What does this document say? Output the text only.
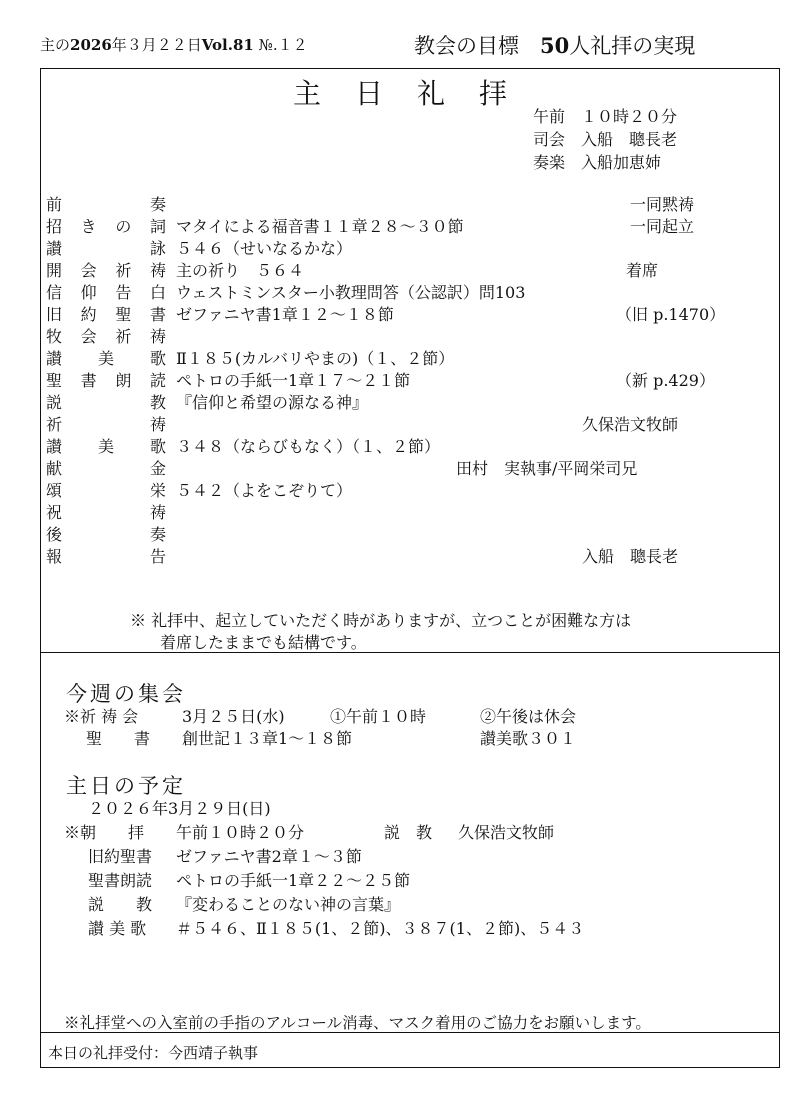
主の2026年３月２２日Vol.81 №.１２	教会の目標　50人礼拝の実現
主日礼拝
午前　１０時２０分
司会　入船　聰長老
奏楽　入船加恵姉
前　奏	一同黙祷
招きの詞 マタイによる福音書１１章２８～３０節	一同起立
讃　詠 ５４６（せいなるかな）
開会祈祷 主の祈り　５６４	着席
信仰告白 ウェストミンスター小教理問答（公認訳）問103
旧約聖書 ゼファニヤ書1章１２～１８節	（旧 p.1470）
牧会祈祷
讃美歌 Ⅱ１８５(カルバリやまの)（１、２節）
聖書朗読 ペトロの手紙一1章１７～２１節	（新 p.429）
説　教 『信仰と希望の源なる神』
祈　祷	久保浩文牧師
讃美歌 ３４８（ならびもなく）（１、２節）
献　金	田村　実執事/平岡栄司兄
頌　栄 ５４２（よをこぞりて）
祝　祷
後　奏
報　告	入船　聰長老
※ 礼拝中、起立していただく時がありますが、立つことが困難な方は
着席したままでも結構です。
今週の集会
※祈 祷 会	3月２５日(水)	①午前１０時	②午後は休会
聖　　書 創世記１３章1～１８節	讃美歌３０１
主日の予定
２０２６年3月２９日(日)
※朝　　拝 午前１０時２０分	説　教 久保浩文牧師
旧約聖書 ゼファニヤ書2章１～３節
聖書朗読 ペトロの手紙一1章２２～２５節
説　　教 『変わることのない神の言葉』
讃 美 歌 ＃５４６、Ⅱ１８５(1、２節)、３８７(1、２節)、５４３
※礼拝堂への入室前の手指のアルコール消毒、マスク着用のご協力をお願いします。
本日の礼拝受付：今西靖子執事
